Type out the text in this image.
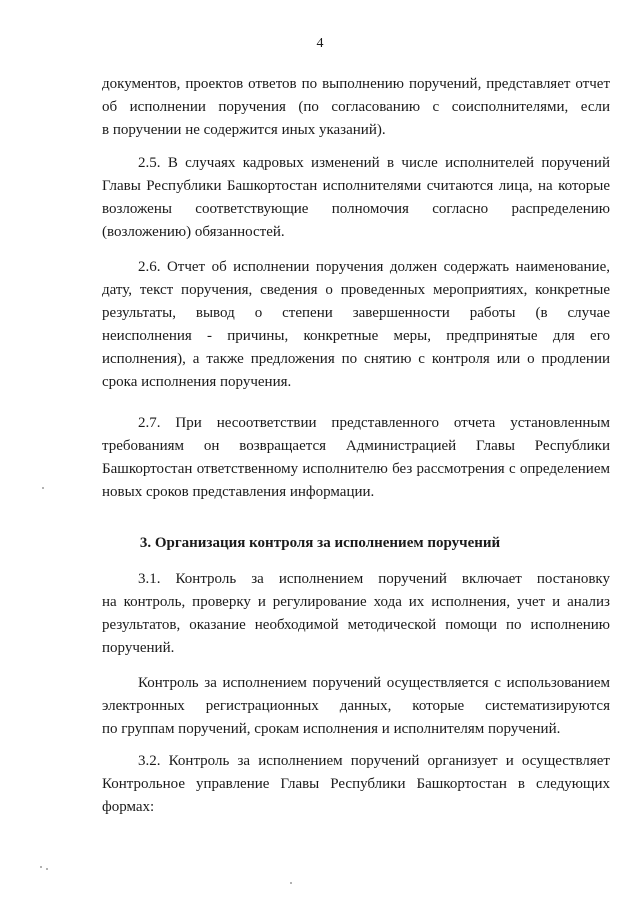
4
документов, проектов ответов по выполнению поручений, представляет отчет
об исполнении поручения (по согласованию с соисполнителями, если
в поручении не содержится иных указаний).
2.5. В случаях кадровых изменений в числе исполнителей поручений
Главы Республики Башкортостан исполнителями считаются лица, на которые
возложены соответствующие полномочия согласно распределению
(возложению) обязанностей.
2.6. Отчет об исполнении поручения должен содержать наименование,
дату, текст поручения, сведения о проведенных мероприятиях, конкретные
результаты, вывод о степени завершенности работы (в случае
неисполнения - причины, конкретные меры, предпринятые для его
исполнения), а также предложения по снятию с контроля или о продлении
срока исполнения поручения.
2.7. При несоответствии представленного отчета установленным
требованиям он возвращается Администрацией Главы Республики
Башкортостан ответственному исполнителю без рассмотрения с определением
новых сроков представления информации.
3. Организация контроля за исполнением поручений
3.1. Контроль за исполнением поручений включает постановку
на контроль, проверку и регулирование хода их исполнения, учет и анализ
результатов, оказание необходимой методической помощи по исполнению
поручений.
Контроль за исполнением поручений осуществляется с использованием
электронных регистрационных данных, которые систематизируются
по группам поручений, срокам исполнения и исполнителям поручений.
3.2. Контроль за исполнением поручений организует и осуществляет
Контрольное управление Главы Республики Башкортостан в следующих
формах:
